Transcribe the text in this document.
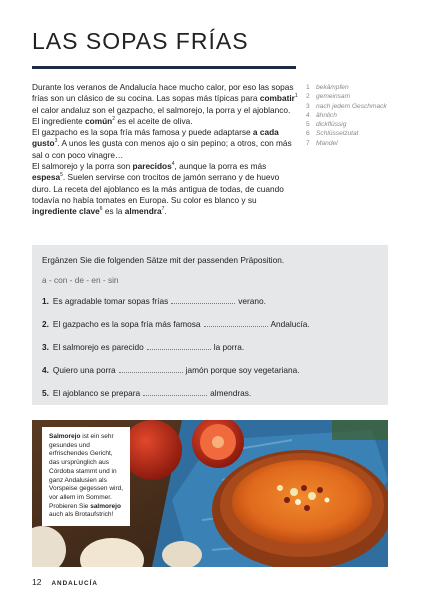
LAS SOPAS FRÍAS

Durante los veranos de Andalucía hace mucho calor, por eso las sopas frías son un clásico de su cocina. Las sopas más típicas para combatir$^1$ el calor andaluz son el gazpacho, el salmorejo, la porra y el ajoblanco. El ingrediente común$^2$ es el aceite de oliva.

El gazpacho es la sopa fría más famosa y puede adaptarse a cada gusto$^3$. A unos les gusta con menos ajo o sin pepino; a otros, con más sal o con poco vinagre…

El salmorejo y la porra son parecidos$^4$, aunque la porra es más espesa$^5$. Suelen servirse con trocitos de jamón serrano y de huevo duro. La receta del ajoblanco es la más antigua de todas, de cuando todavía no había tomates en Europa. Su color es blanco y su ingrediente clave$^6$ es la almendra$^7$.

1 bekämpfen
2 gemeinsam
3 nach jedem Geschmack
4 ähnlich
5 dickflüssig
6 Schlüsselzutat
7 Mandel
Ergänzen Sie die folgenden Sätze mit der passenden Präposition.
a - con - de - en - sin
1. Es agradable tomar sopas frías	verano.
2. El gazpacho es la sopa fría más famosa	Andalucía.
3. El salmorejo es parecido	la porra.
4. Quiero una porra	jamón porque soy vegetariana.
5. El ajoblanco se prepara	almendras.
Salmorejo ist ein sehr gesundes und erfrischendes Gericht, das ursprünglich aus Córdoba stammt und in ganz Andalusien als Vorspeise gegessen wird, vor allem im Sommer. Probieren Sie salmorejo auch als Brotaufstrich!
12 ANDALUCÍA
